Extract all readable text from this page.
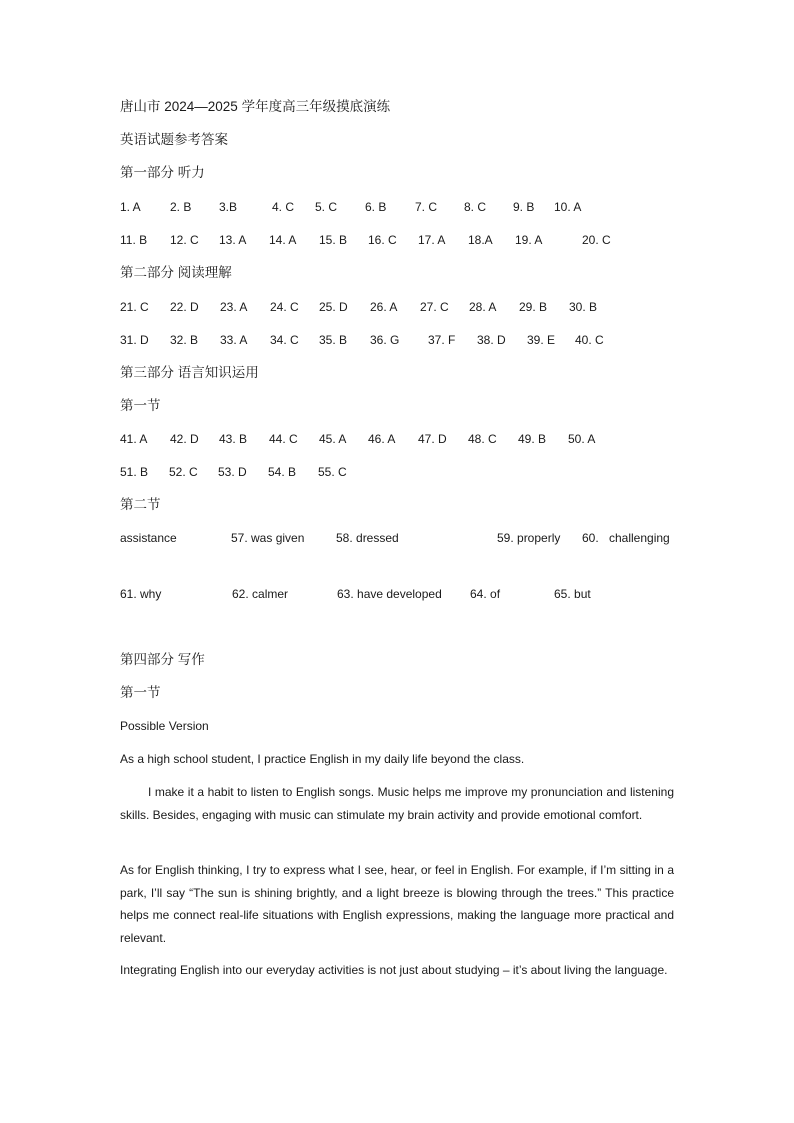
唐山市 2024—2025 学年度高三年级摸底演练
英语试题参考答案
第一部分 听力
1. A 2. B 3.B	4. C 5. C 6. B 7. C 8. C 9. B 10. A
11. B 12. C 13. A 14. A 15. B 16. C 17. A 18.A 19. A	20. C
第二部分 阅读理解
21. C 22. D 23. A 24. C 25. D 26. A 27. C 28. A 29. B 30. B
31. D 32. B 33. A 34. C 35. B 36. G 37. F 38. D 39. E 40. C
第三部分 语言知识运用
第一节
41. A 42. D 43. B 44. C 45. A 46. A 47. D 48. C 49. B 50. A
51. B 52. C 53. D 54. B 55. C
第二节
assistance	57. was given	58. dressed	59. properly 60. challenging
61. why	62. calmer	63. have developed 64. of	65. but
第四部分 写作
第一节
Possible Version

As a high school student, I practice English in my daily life beyond the class.

I make it a habit to listen to English songs. Music helps me improve my pronunciation and listening skills. Besides, engaging with music can stimulate my brain activity and provide emotional comfort.

As for English thinking, I try to express what I see, hear, or feel in English. For example, if I’m sitting in a park, I’ll say “The sun is shining brightly, and a light breeze is blowing through the trees.” This practice helps me connect real-life situations with English expressions, making the language more practical and relevant.

Integrating English into our everyday activities is not just about studying – it’s about living the language.
